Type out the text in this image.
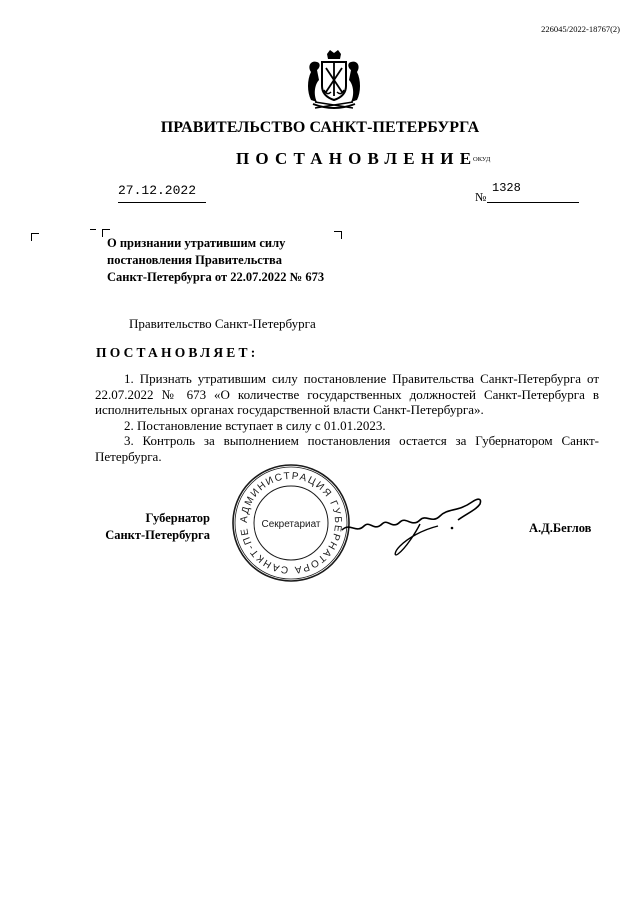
226045/2022-18767(2)
ПРАВИТЕЛЬСТВО САНКТ-ПЕТЕРБУРГА
ПОСТАНОВЛЕНИЕ
ОКУД
27.12.2022	№
1328
О признании утратившим силу
постановления Правительства
Санкт-Петербурга от 22.07.2022 № 673
Правительство Санкт-Петербурга
ПОСТАНОВЛЯЕТ:

1. Признать утратившим силу постановление Правительства Санкт-Петербурга от 22.07.2022 № 673 «О количестве государственных должностей Санкт-Петербурга в исполнительных органах государственной власти Санкт-Петербурга».

2. Постановление вступает в силу с 01.01.2023.

3. Контроль за выполнением постановления остается за Губернатором Санкт-Петербурга.

Губернатор
Санкт-Петербурга
АДМИНИСТРАЦИЯ ГУБЕРНАТОРА САНКТ-ПЕ
Секретариат	А.Д.Беглов
